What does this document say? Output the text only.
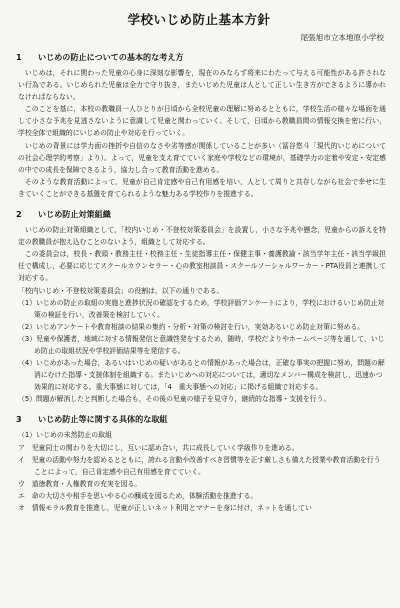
学校いじめ防止基本方針
尾張旭市立本地原小学校
1 いじめの防止についての基本的な考え方

いじめは，それに関わった児童の心身に深刻な影響を，現在のみならず将来にわたって与える可能性がある許されない行為である。いじめられた児童は全力で守り抜き，またいじめた児童は人として正しい生き方ができるように導かれなければならない。

このことを基に，本校の教職員一人ひとりが日頃から全校児童の理解に努めるとともに，学校生活の様々な場面を通して小さな予兆を見逃さないように意識して児童と関わっていく。そして，日頃から教職員間の情報交換を密に行い，学校全体で組織的にいじめの防止や対応を行っていく。

いじめの背景には学力面の挫折や自信のなさや劣等感が関係していることが多い（冨谷悠斗「現代的いじめについての社会心理学的考察」より）。よって，児童を支え育てていく家庭や学校などの環境が，基礎学力の定着や安定・安定感の中での成長を保障できるよう，協力し合って教育活動を進める。

そのような教育活動によって，児童が自己肯定感や自己有用感を培い，人として周りと共存しながら社会で幸せに生きていくことができる基盤を育てられるような魅力ある学校作りを推進する。

2 いじめ防止対策組織

いじめの防止対策組織として，「校内いじめ・不登校対策委員会」を設置し，小さな予兆や懸念，児童からの訴えを特定の教職員が抱え込むことのないよう，組織として対応する。

この委員会は，校長・教頭・教務主任・校務主任・生徒指導主任・保健主事・養護教諭・該当学年主任・該当学級担任で構成し，必要に応じてスクールカウンセラー・心の教室相談員・スクールソーシャルワーカー・PTA役員と連携して対応する。

「校内いじめ・不登校対策委員会」の役割は，以下の通りである。
（1）いじめの防止の取組の実施と進捗状況の確認をするため，学校評価アンケートにより，学校におけるいじめ防止対策の検証を行い，改善策を検討していく。
（2）いじめアンケートや教育相談の結果の集約・分析・対策の検討を行い，実効あるいじめ防止対策に努める。
（3）児童や保護者，地域に対する情報発信と意識啓発をするため，随時，学校だよりやホームページ等を通して，いじめ防止の取組状況や学校評価結果等を発信する。
（4）いじめがあった場合，あるいはいじめの疑いがあるとの情報があった場合は，正確な事実の把握に努め，問題の解消にむけた指導・支援体制を組織する。またいじめへの対応については，適切なメンバー構成を検討し，迅速かつ効果的に対応する。重大事態に対しては，「4　重大事態への対応」に掲げる組織で対応する。
（5）問題が解消したと判断した場合も，その後の児童の様子を見守り，継続的な指導・支援を行う。
3 いじめ防止等に関する具体的な取組
（1）いじめの未然防止の取組
ア　児童同士の関わりを大切にし，互いに認め合い，共に成長していく学級作りを進める。
イ　児童の活動や努力を認めるとともに，誇れる言動や改善すべき習慣等を正す厳しさも備えた授業や教育活動を行うことによって，自己肯定感や自己有用感を育てていく。
ウ　道徳教育・人権教育の充実を図る。
エ　命の大切さや相手を思いやる心の醸成を図るため，体験活動を推進する。
オ　情報モラル教育を推進し，児童が正しいネット利用とマナーを身に付け，ネットを通してい
